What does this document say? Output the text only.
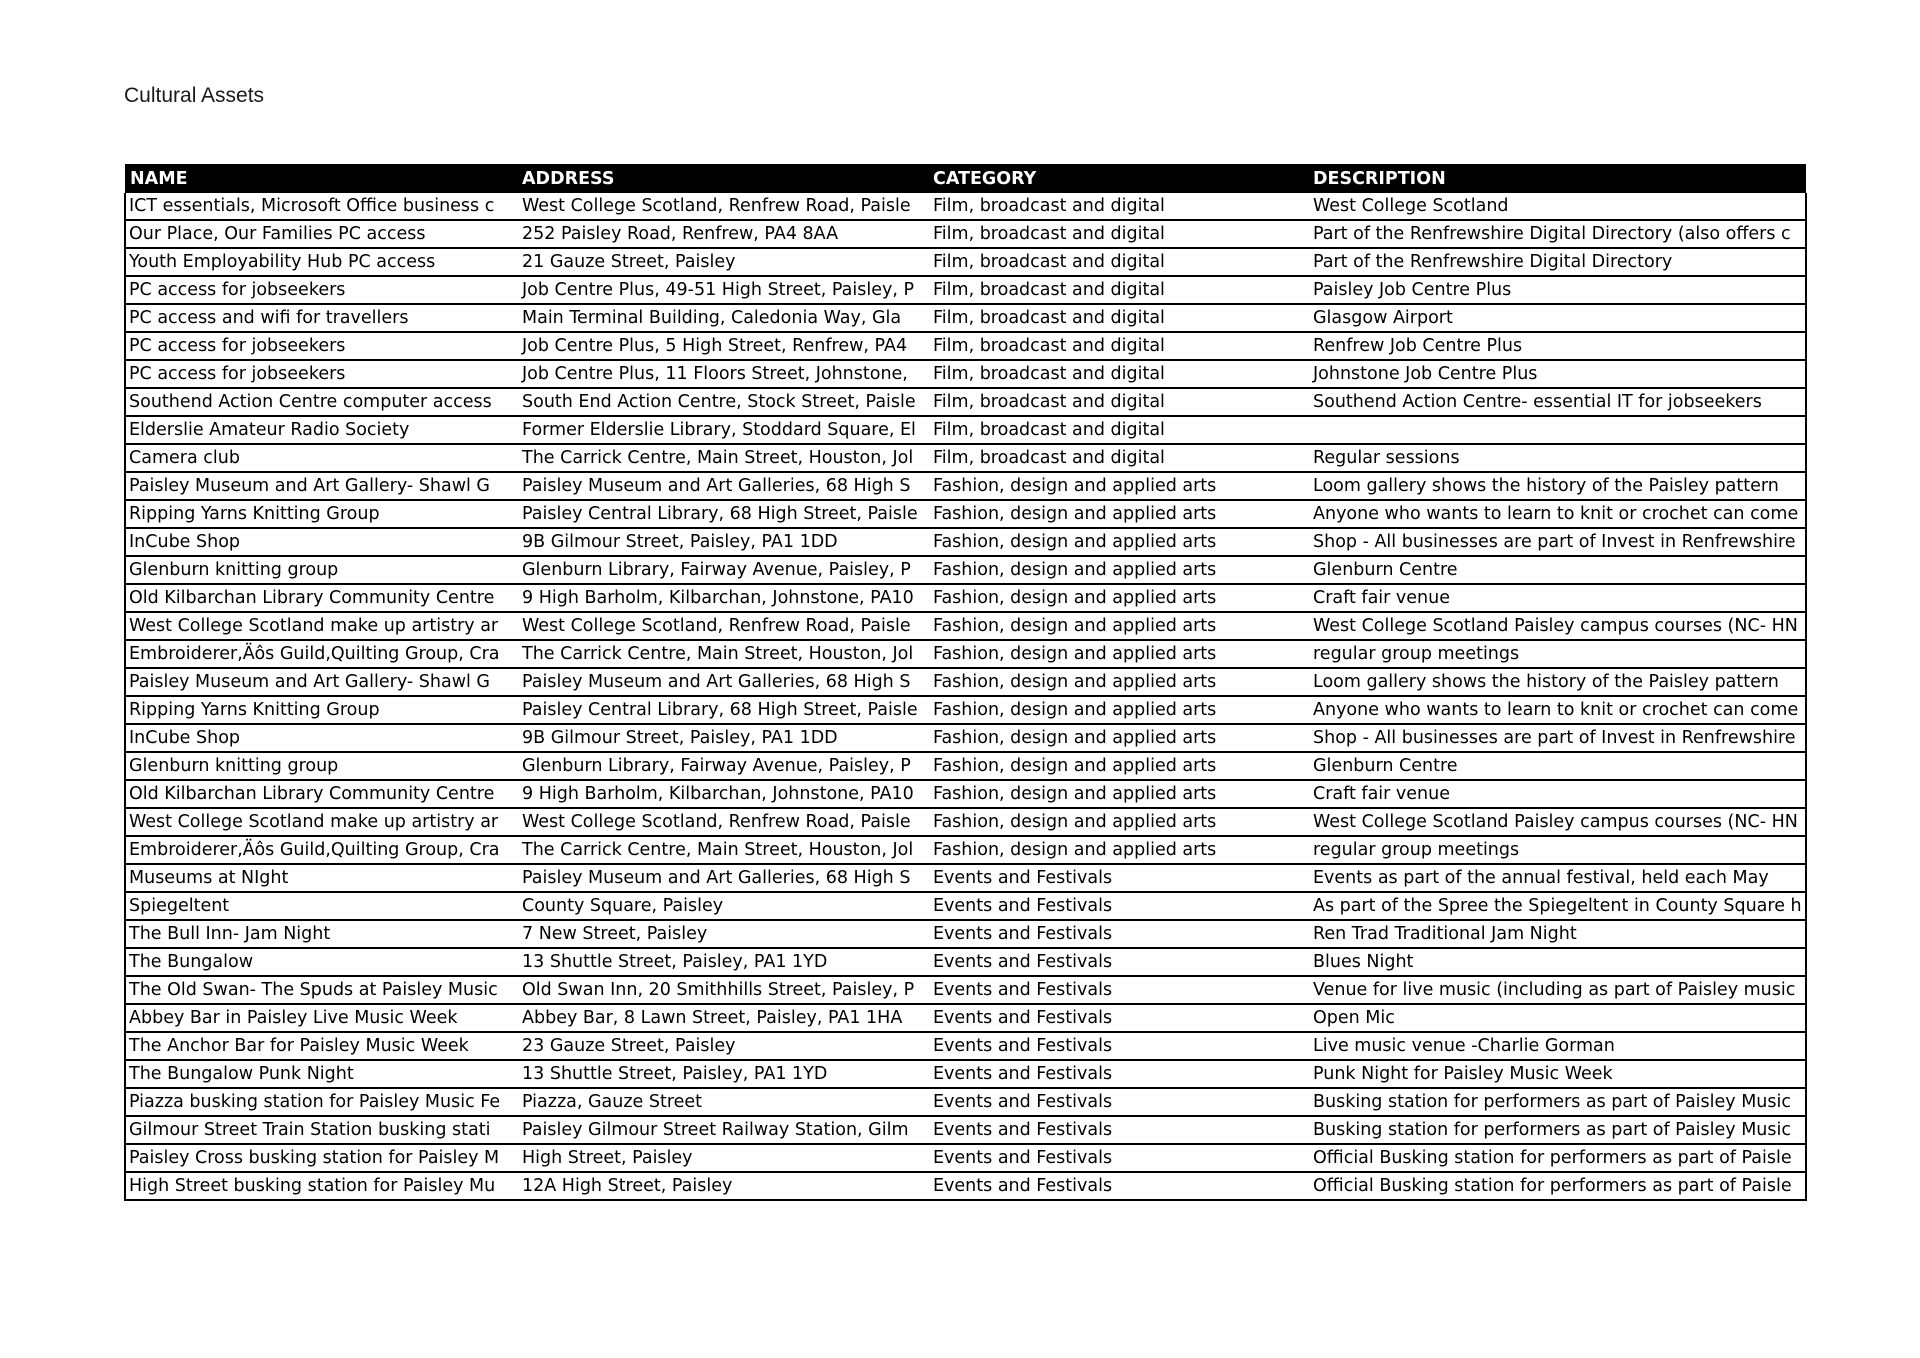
Cultural Assets
NAME	ADDRESS	CATEGORY	DESCRIPTION
ICT essentials, Microsoft Office business c	West College Scotland, Renfrew Road, Paisle	Film, broadcast and digital	West College Scotland
Our Place, Our Families PC access	252 Paisley Road, Renfrew, PA4 8AA	Film, broadcast and digital	Part of the Renfrewshire Digital Directory (also offers c
Youth Employability Hub PC access	21 Gauze Street, Paisley	Film, broadcast and digital	Part of the Renfrewshire Digital Directory
PC access for jobseekers	Job Centre Plus, 49-51 High Street, Paisley, P	Film, broadcast and digital	Paisley Job Centre Plus
PC access and wifi for travellers	Main Terminal Building, Caledonia Way, Gla	Film, broadcast and digital	Glasgow Airport
PC access for jobseekers	Job Centre Plus, 5 High Street, Renfrew, PA4	Film, broadcast and digital	Renfrew Job Centre Plus
PC access for jobseekers	Job Centre Plus, 11 Floors Street, Johnstone,	Film, broadcast and digital	Johnstone Job Centre Plus
Southend Action Centre computer access	South End Action Centre, Stock Street, Paisle	Film, broadcast and digital	Southend Action Centre- essential IT for jobseekers
Elderslie Amateur Radio Society	Former Elderslie Library, Stoddard Square, El	Film, broadcast and digital	
Camera club	The Carrick Centre, Main Street, Houston, Jol	Film, broadcast and digital	Regular sessions
Paisley Museum and Art Gallery- Shawl G	Paisley Museum and Art Galleries, 68 High S	Fashion, design and applied arts	Loom gallery shows the history of the Paisley pattern
Ripping Yarns Knitting Group	Paisley Central Library, 68 High Street, Paisle	Fashion, design and applied arts	Anyone who wants to learn to knit or crochet can come
InCube Shop	9B Gilmour Street, Paisley, PA1 1DD	Fashion, design and applied arts	Shop - All businesses are part of Invest in Renfrewshire
Glenburn knitting group	Glenburn Library, Fairway Avenue, Paisley, P	Fashion, design and applied arts	Glenburn Centre
Old Kilbarchan Library Community Centre	9 High Barholm, Kilbarchan, Johnstone, PA10	Fashion, design and applied arts	Craft fair venue
West College Scotland make up artistry ar	West College Scotland, Renfrew Road, Paisle	Fashion, design and applied arts	West College Scotland Paisley campus courses (NC- HN
Embroiderer,Äôs Guild,Quilting Group, Cra	The Carrick Centre, Main Street, Houston, Jol	Fashion, design and applied arts	regular group meetings
Paisley Museum and Art Gallery- Shawl G	Paisley Museum and Art Galleries, 68 High S	Fashion, design and applied arts	Loom gallery shows the history of the Paisley pattern
Ripping Yarns Knitting Group	Paisley Central Library, 68 High Street, Paisle	Fashion, design and applied arts	Anyone who wants to learn to knit or crochet can come
InCube Shop	9B Gilmour Street, Paisley, PA1 1DD	Fashion, design and applied arts	Shop - All businesses are part of Invest in Renfrewshire
Glenburn knitting group	Glenburn Library, Fairway Avenue, Paisley, P	Fashion, design and applied arts	Glenburn Centre
Old Kilbarchan Library Community Centre	9 High Barholm, Kilbarchan, Johnstone, PA10	Fashion, design and applied arts	Craft fair venue
West College Scotland make up artistry ar	West College Scotland, Renfrew Road, Paisle	Fashion, design and applied arts	West College Scotland Paisley campus courses (NC- HN
Embroiderer,Äôs Guild,Quilting Group, Cra	The Carrick Centre, Main Street, Houston, Jol	Fashion, design and applied arts	regular group meetings
Museums at NIght	Paisley Museum and Art Galleries, 68 High S	Events and Festivals	Events as part of the annual festival, held each May
Spiegeltent	County Square, Paisley	Events and Festivals	As part of the Spree the Spiegeltent in County Square h
The Bull Inn- Jam Night	7 New Street, Paisley	Events and Festivals	Ren Trad Traditional Jam Night
The Bungalow	13 Shuttle Street, Paisley, PA1 1YD	Events and Festivals	Blues Night
The Old Swan- The Spuds at Paisley Music	Old Swan Inn, 20 Smithhills Street, Paisley, P	Events and Festivals	Venue for live music (including as part of Paisley music
Abbey Bar in Paisley Live Music Week	Abbey Bar, 8 Lawn Street, Paisley, PA1 1HA	Events and Festivals	Open Mic
The Anchor Bar for Paisley Music Week	23 Gauze Street, Paisley	Events and Festivals	Live music venue -Charlie Gorman
The Bungalow Punk Night	13 Shuttle Street, Paisley, PA1 1YD	Events and Festivals	Punk Night for Paisley Music Week
Piazza busking station for Paisley Music Fe	Piazza, Gauze Street	Events and Festivals	Busking station for performers as part of Paisley Music
Gilmour Street Train Station busking stati	Paisley Gilmour Street Railway Station, Gilm	Events and Festivals	Busking station for performers as part of Paisley Music
Paisley Cross busking station for Paisley M	High Street, Paisley	Events and Festivals	Official Busking station for performers as part of Paisle
High Street busking station for Paisley Mu	12A High Street, Paisley	Events and Festivals	Official Busking station for performers as part of Paisle
